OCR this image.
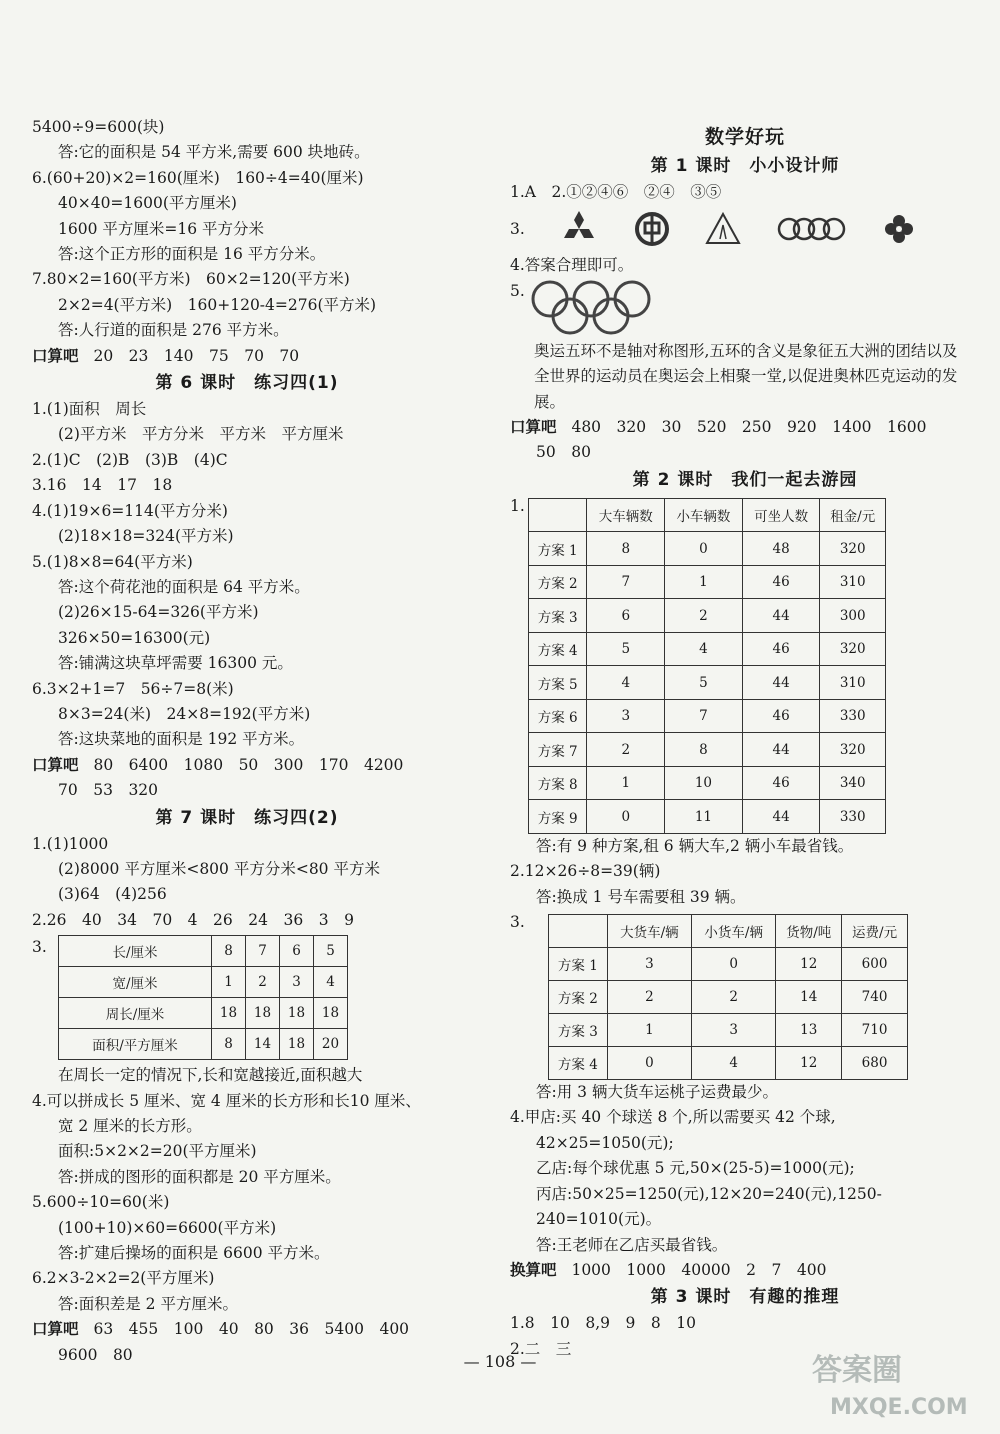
5400÷9=600(块)
答:它的面积是 54 平方米,需要 600 块地砖。
6.(60+20)×2=160(厘米)　160÷4=40(厘米)
40×40=1600(平方厘米)
1600 平方厘米=16 平方分米
答:这个正方形的面积是 16 平方分米。
7.80×2=160(平方米)　60×2=120(平方米)
2×2=4(平方米)　160+120-4=276(平方米)
答:人行道的面积是 276 平方米。
口算吧 20　23　140　75　70　70
第 6 课时　练习四(1)
1.(1)面积　周长
(2)平方米　平方分米　平方米　平方厘米
2.(1)C　(2)B　(3)B　(4)C
3.16　14　17　18
4.(1)19×6=114(平方分米)
(2)18×18=324(平方米)
5.(1)8×8=64(平方米)
答:这个荷花池的面积是 64 平方米。
(2)26×15-64=326(平方米)
326×50=16300(元)
答:铺满这块草坪需要 16300 元。
6.3×2+1=7　56÷7=8(米)
8×3=24(米)　24×8=192(平方米)
答:这块菜地的面积是 192 平方米。
口算吧 80　6400　1080　50　300　170　4200
70　53　320
第 7 课时　练习四(2)
1.(1)1000
(2)8000 平方厘米<800 平方分米<80 平方米
(3)64　(4)256
2.26　40　34　70　4　26　24　36　3　9
3.	长/厘米	8	7	6	5
宽/厘米	1	2	3	4
周长/厘米	18	18	18	18
面积/平方厘米	8	14	18	20
在周长一定的情况下,长和宽越接近,面积越大
4.可以拼成长 5 厘米、宽 4 厘米的长方形和长10 厘米、
宽 2 厘米的长方形。
面积:5×2×2=20(平方厘米)
答:拼成的图形的面积都是 20 平方厘米。
5.600÷10=60(米)
(100+10)×60=6600(平方米)
答:扩建后操场的面积是 6600 平方米。
6.2×3-2×2=2(平方厘米)
答:面积差是 2 平方厘米。
口算吧 63　455　100　40　80　36　5400　400
9600　80
数学好玩
第 1 课时　小小设计师
1.A　2.①②④⑥　②④　③⑤
3.
4.答案合理即可。
5.
奥运五环不是轴对称图形,五环的含义是象征五大洲的团结以及全世界的运动员在奥运会上相聚一堂,以促进奥林匹克运动的发展。
口算吧 480　320　30　520　250　920　1400　1600
50　80
第 2 课时　我们一起去游园
1.
	大车辆数	小车辆数	可坐人数	租金/元
方案 1	8	0	48	320
方案 2	7	1	46	310
方案 3	6	2	44	300
方案 4	5	4	46	320
方案 5	4	5	44	310
方案 6	3	7	46	330
方案 7	2	8	44	320
方案 8	1	10	46	340
方案 9	0	11	44	330
答:有 9 种方案,租 6 辆大车,2 辆小车最省钱。
2.12×26÷8=39(辆)
答:换成 1 号车需要租 39 辆。
3.
	大货车/辆	小货车/辆	货物/吨	运费/元
方案 1	3	0	12	600
方案 2	2	2	14	740
方案 3	1	3	13	710
方案 4	0	4	12	680
答:用 3 辆大货车运桃子运费最少。
4.甲店:买 40 个球送 8 个,所以需要买 42 个球,
42×25=1050(元);
乙店:每个球优惠 5 元,50×(25-5)=1000(元);
丙店:50×25=1250(元),12×20=240(元),1250-
240=1010(元)。
答:王老师在乙店买最省钱。
换算吧 1000　1000　40000　2　7　400
第 3 课时　有趣的推理
1.8　10　8,9　9　8　10
2.二　三
— 108 —	答案圈
MXQE.COM
